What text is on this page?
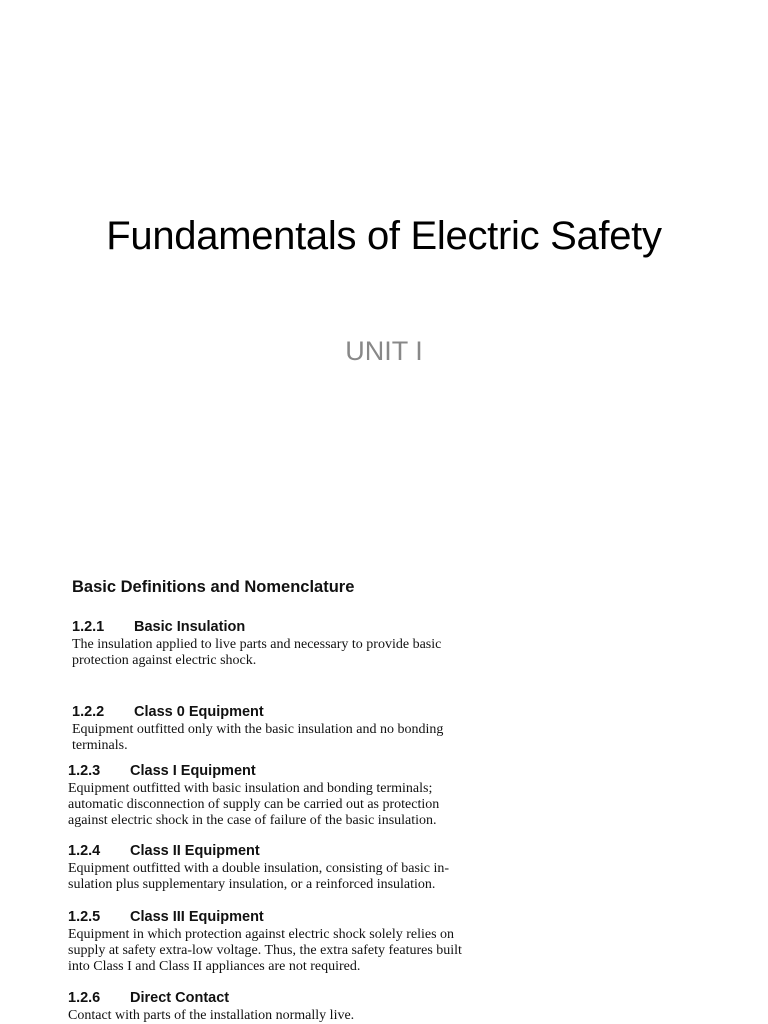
Fundamentals of Electric Safety
UNIT I
Basic Definitions and Nomenclature
1.2.1 Basic Insulation
The insulation applied to live parts and necessary to provide basic
protection against electric shock.
1.2.2 Class 0 Equipment
Equipment outfitted only with the basic insulation and no bonding
terminals.
1.2.3 Class I Equipment
Equipment outfitted with basic insulation and bonding terminals;
automatic disconnection of supply can be carried out as protection
against electric shock in the case of failure of the basic insulation.
1.2.4 Class II Equipment
Equipment outfitted with a double insulation, consisting of basic in-
sulation plus supplementary insulation, or a reinforced insulation.
1.2.5 Class III Equipment
Equipment in which protection against electric shock solely relies on
supply at safety extra-low voltage. Thus, the extra safety features built
into Class I and Class II appliances are not required.
1.2.6 Direct Contact
Contact with parts of the installation normally live.
